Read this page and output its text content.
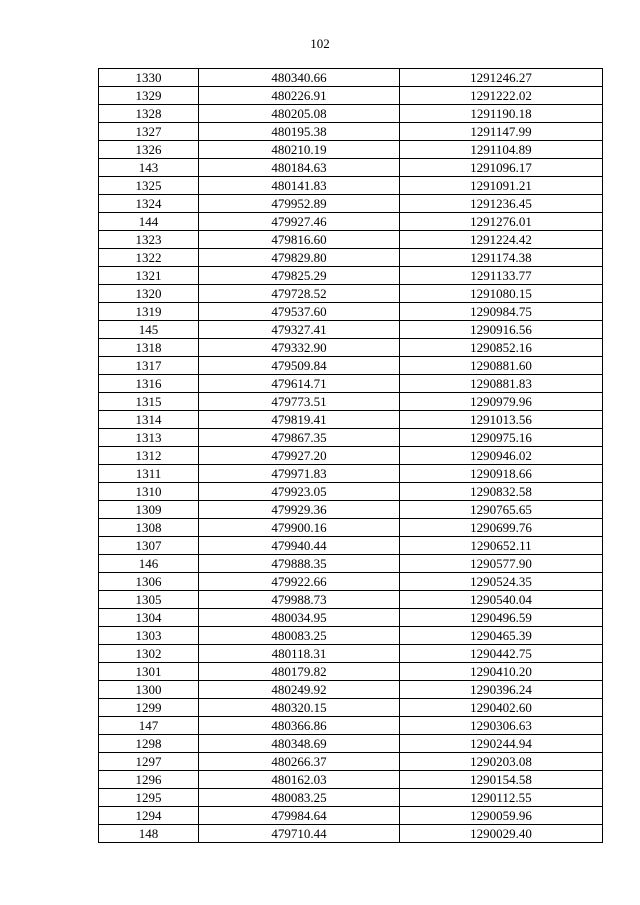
102
1330	480340.66	1291246.27
1329	480226.91	1291222.02
1328	480205.08	1291190.18
1327	480195.38	1291147.99
1326	480210.19	1291104.89
143	480184.63	1291096.17
1325	480141.83	1291091.21
1324	479952.89	1291236.45
144	479927.46	1291276.01
1323	479816.60	1291224.42
1322	479829.80	1291174.38
1321	479825.29	1291133.77
1320	479728.52	1291080.15
1319	479537.60	1290984.75
145	479327.41	1290916.56
1318	479332.90	1290852.16
1317	479509.84	1290881.60
1316	479614.71	1290881.83
1315	479773.51	1290979.96
1314	479819.41	1291013.56
1313	479867.35	1290975.16
1312	479927.20	1290946.02
1311	479971.83	1290918.66
1310	479923.05	1290832.58
1309	479929.36	1290765.65
1308	479900.16	1290699.76
1307	479940.44	1290652.11
146	479888.35	1290577.90
1306	479922.66	1290524.35
1305	479988.73	1290540.04
1304	480034.95	1290496.59
1303	480083.25	1290465.39
1302	480118.31	1290442.75
1301	480179.82	1290410.20
1300	480249.92	1290396.24
1299	480320.15	1290402.60
147	480366.86	1290306.63
1298	480348.69	1290244.94
1297	480266.37	1290203.08
1296	480162.03	1290154.58
1295	480083.25	1290112.55
1294	479984.64	1290059.96
148	479710.44	1290029.40
